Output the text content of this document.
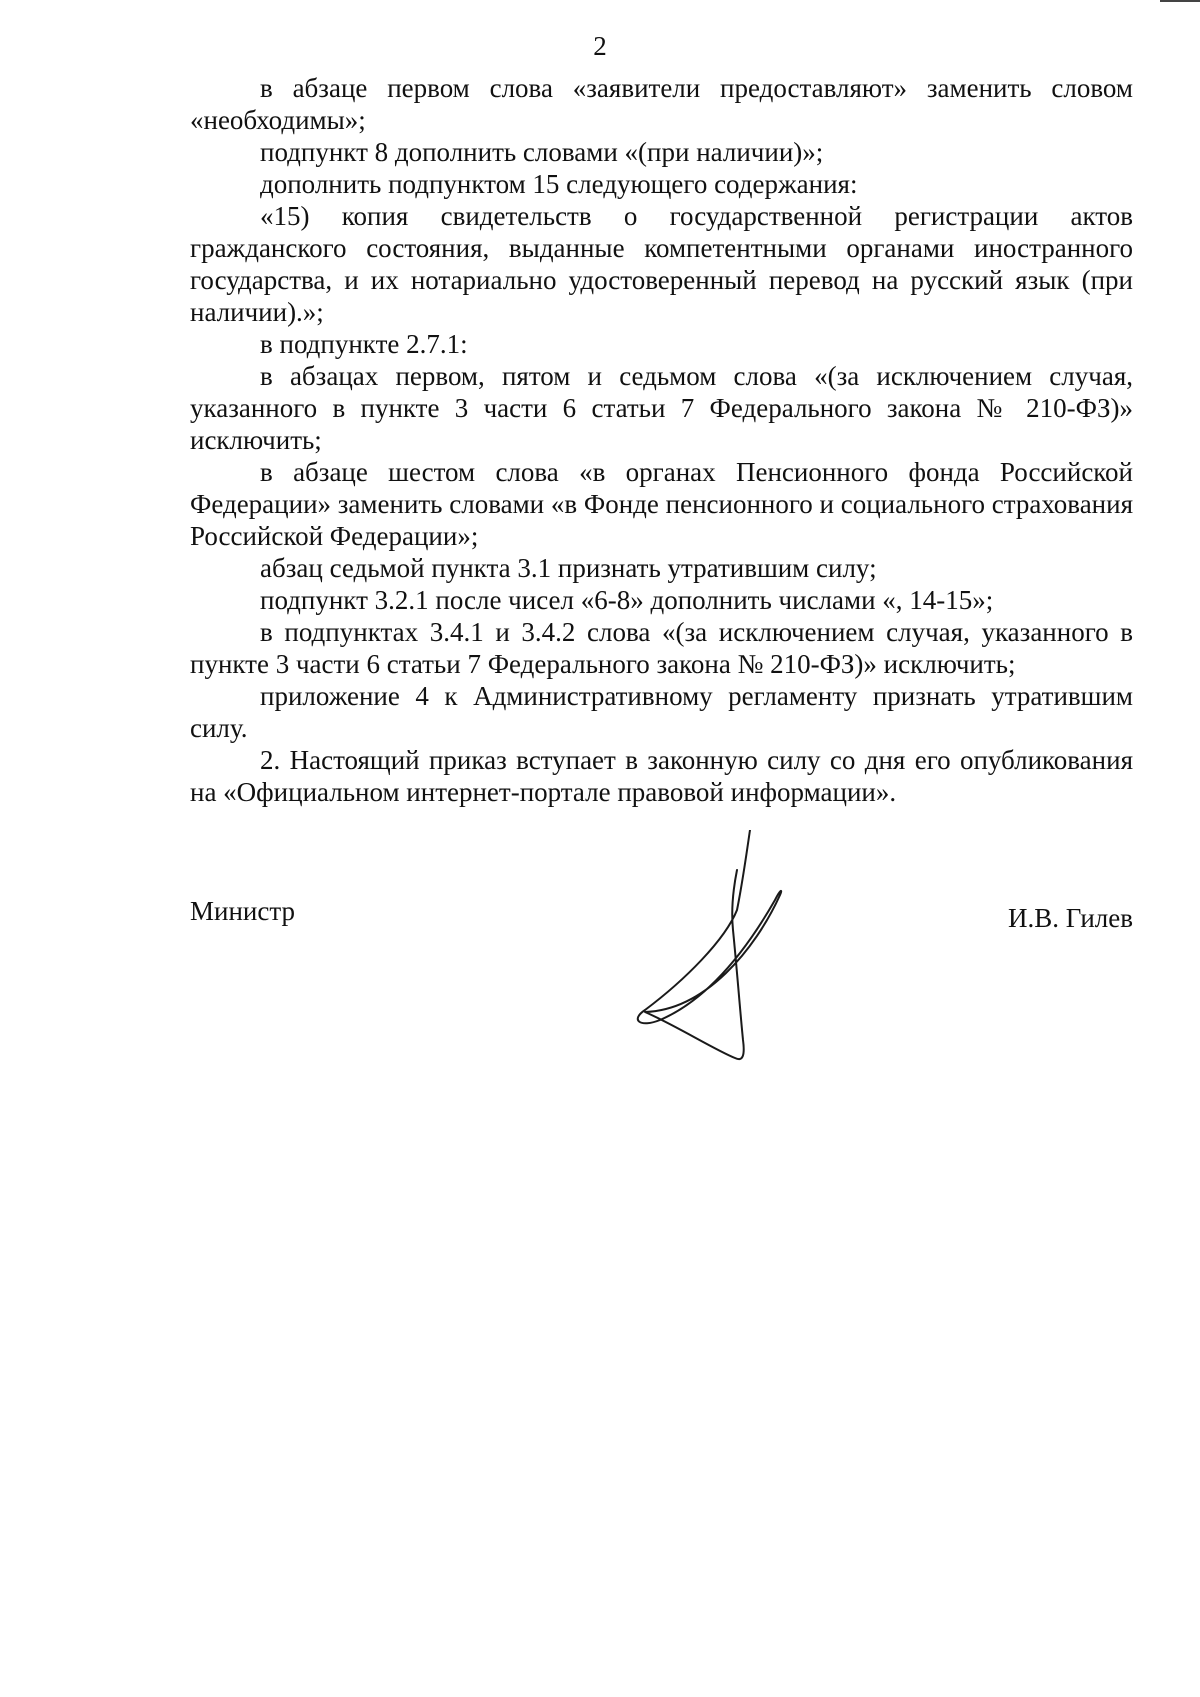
2

в абзаце первом слова «заявители предоставляют» заменить словом «необходимы»;

подпункт 8 дополнить словами «(при наличии)»;

дополнить подпунктом 15 следующего содержания:

«15) копия свидетельств о государственной регистрации актов гражданского состояния, выданные компетентными органами иностранного государства, и их нотариально удостоверенный перевод на русский язык (при наличии).»;

в подпункте 2.7.1:

в абзацах первом, пятом и седьмом слова «(за исключением случая, указанного в пункте 3 части 6 статьи 7 Федерального закона № 210-ФЗ)» исключить;

в абзаце шестом слова «в органах Пенсионного фонда Российской Федерации» заменить словами «в Фонде пенсионного и социального страхования Российской Федерации»;

абзац седьмой пункта 3.1 признать утратившим силу;

подпункт 3.2.1 после чисел «6-8» дополнить числами «, 14-15»;

в подпунктах 3.4.1 и 3.4.2 слова «(за исключением случая, указанного в пункте 3 части 6 статьи 7 Федерального закона № 210-ФЗ)» исключить;

приложение 4 к Административному регламенту признать утратившим силу.

2. Настоящий приказ вступает в законную силу со дня его опубликования на «Официальном интернет-портале правовой информации».

Министр	И.В. Гилев
